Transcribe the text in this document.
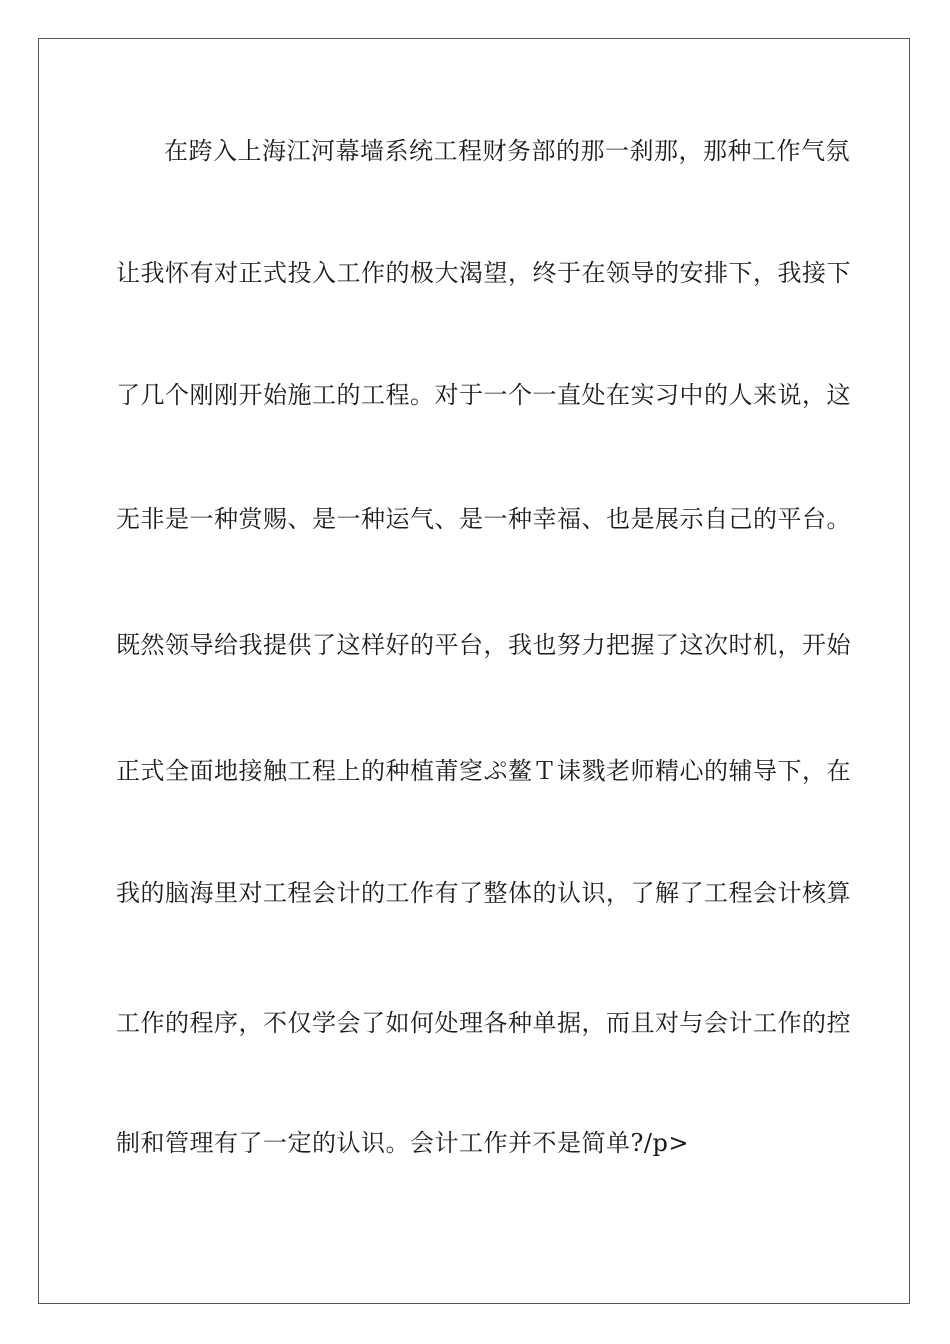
在跨入上海江河幕墙系统工程财务部的那一刹那，那种工作气氛
让我怀有对正式投入工作的极大渴望，终于在领导的安排下，我接下
了几个刚刚开始施工的工程。对于一个一直处在实习中的人来说，这
无非是一种赏赐、是一种运气、是一种幸福、也是展示自己的平台。
既然领导给我提供了这样好的平台，我也努力把握了这次时机，开始
正式全面地接触工程上的种植莆窆ぷ鳌Ｔ诔戮老师精心的辅导下，在
我的脑海里对工程会计的工作有了整体的认识，了解了工程会计核算
工作的程序，不仅学会了如何处理各种单据，而且对与会计工作的控
制和管理有了一定的认识。会计工作并不是简单?/p>
